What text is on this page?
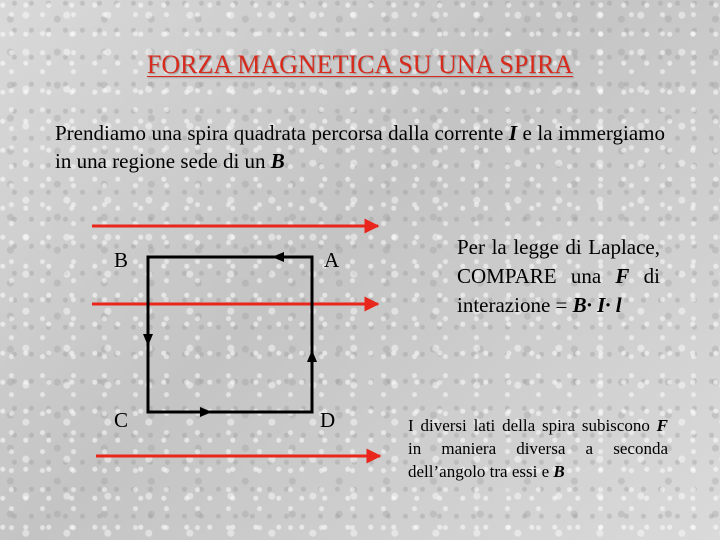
FORZA MAGNETICA SU UNA SPIRA
Prendiamo una spira quadrata percorsa dalla corrente I e la immergiamo in una regione sede di un B
B	A
C	D
Per la legge di Laplace, COMPARE una F di interazione = B· I· l
I diversi lati della spira subiscono F in maniera diversa a seconda dell’angolo tra essi e B
